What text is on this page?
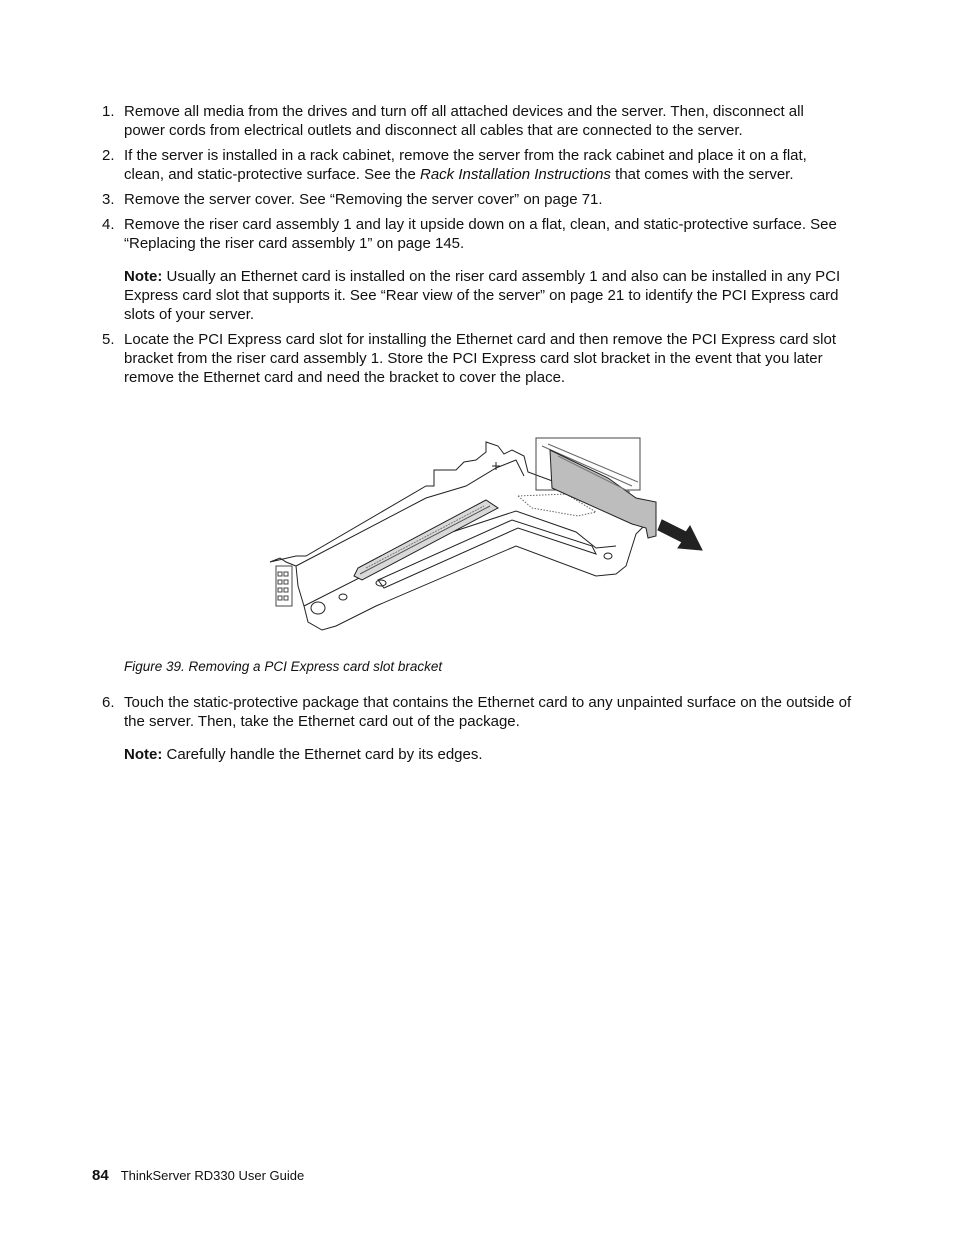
1. Remove all media from the drives and turn off all attached devices and the server. Then, disconnect all power cords from electrical outlets and disconnect all cables that are connected to the server.
2. If the server is installed in a rack cabinet, remove the server from the rack cabinet and place it on a flat, clean, and static-protective surface. See the Rack Installation Instructions that comes with the server.
3. Remove the server cover. See “Removing the server cover” on page 71.
4. Remove the riser card assembly 1 and lay it upside down on a flat, clean, and static-protective surface. See “Replacing the riser card assembly 1” on page 145.
Note: Usually an Ethernet card is installed on the riser card assembly 1 and also can be installed in any PCI Express card slot that supports it. See “Rear view of the server” on page 21 to identify the PCI Express card slots of your server.
5. Locate the PCI Express card slot for installing the Ethernet card and then remove the PCI Express card slot bracket from the riser card assembly 1. Store the PCI Express card slot bracket in the event that you later remove the Ethernet card and need the bracket to cover the place.
Figure 39. Removing a PCI Express card slot bracket
6. Touch the static-protective package that contains the Ethernet card to any unpainted surface on the outside of the server. Then, take the Ethernet card out of the package.
Note: Carefully handle the Ethernet card by its edges.
84 ThinkServer RD330 User Guide
